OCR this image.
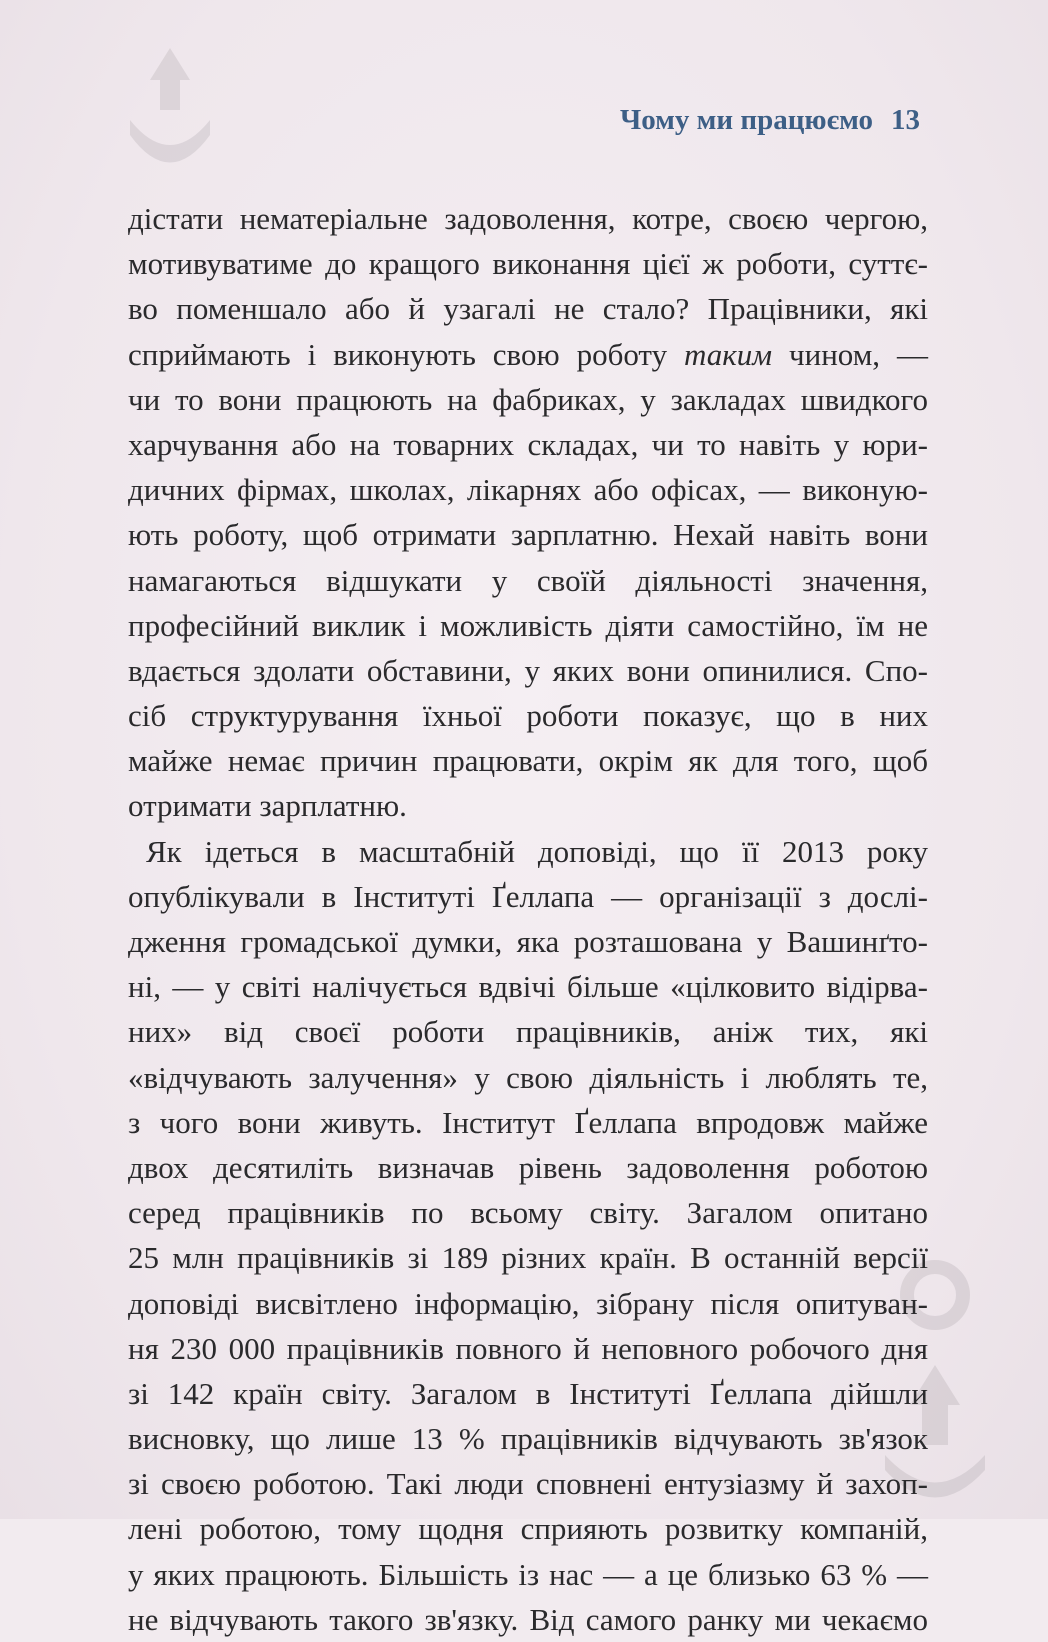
Чому ми працюємо 13
дістати нематеріальне задоволення, котре, своєю чергою,
мотивуватиме до кращого виконання цієї ж роботи, суттє-
во поменшало або й узагалі не стало? Працівники, які
сприймають і виконують свою роботу таким чином, —
чи то вони працюють на фабриках, у закладах швидкого
харчування або на товарних складах, чи то навіть у юри-
дичних фірмах, школах, лікарнях або офісах, — виконую-
ють роботу, щоб отримати зарплатню. Нехай навіть вони
намагаються відшукати у своїй діяльності значення,
професійний виклик і можливість діяти самостійно, їм не
вдається здолати обставини, у яких вони опинилися. Спо-
сіб структурування їхньої роботи показує, що в них
майже немає причин працювати, окрім як для того, щоб
отримати зарплатню.
Як ідеться в масштабній доповіді, що її 2013 року
опублікували в Інституті Ґеллапа — організації з дослі-
дження громадської думки, яка розташована у Вашинґто-
ні, — у світі налічується вдвічі більше «цілковито відірва-
них» від своєї роботи працівників, аніж тих, які
«відчувають залучення» у свою діяльність і люблять те,
з чого вони живуть. Інститут Ґеллапа впродовж майже
двох десятиліть визначав рівень задоволення роботою
серед працівників по всьому світу. Загалом опитано
25 млн працівників зі 189 різних країн. В останній версії
доповіді висвітлено інформацію, зібрану після опитуван-
ня 230 000 працівників повного й неповного робочого дня
зі 142 країн світу. Загалом в Інституті Ґеллапа дійшли
висновку, що лише 13 % працівників відчувають зв'язок
зі своєю роботою. Такі люди сповнені ентузіазму й захоп-
лені роботою, тому щодня сприяють розвитку компаній,
у яких працюють. Більшість із нас — а це близько 63 % —
не відчувають такого зв'язку. Від самого ранку ми чекаємо
